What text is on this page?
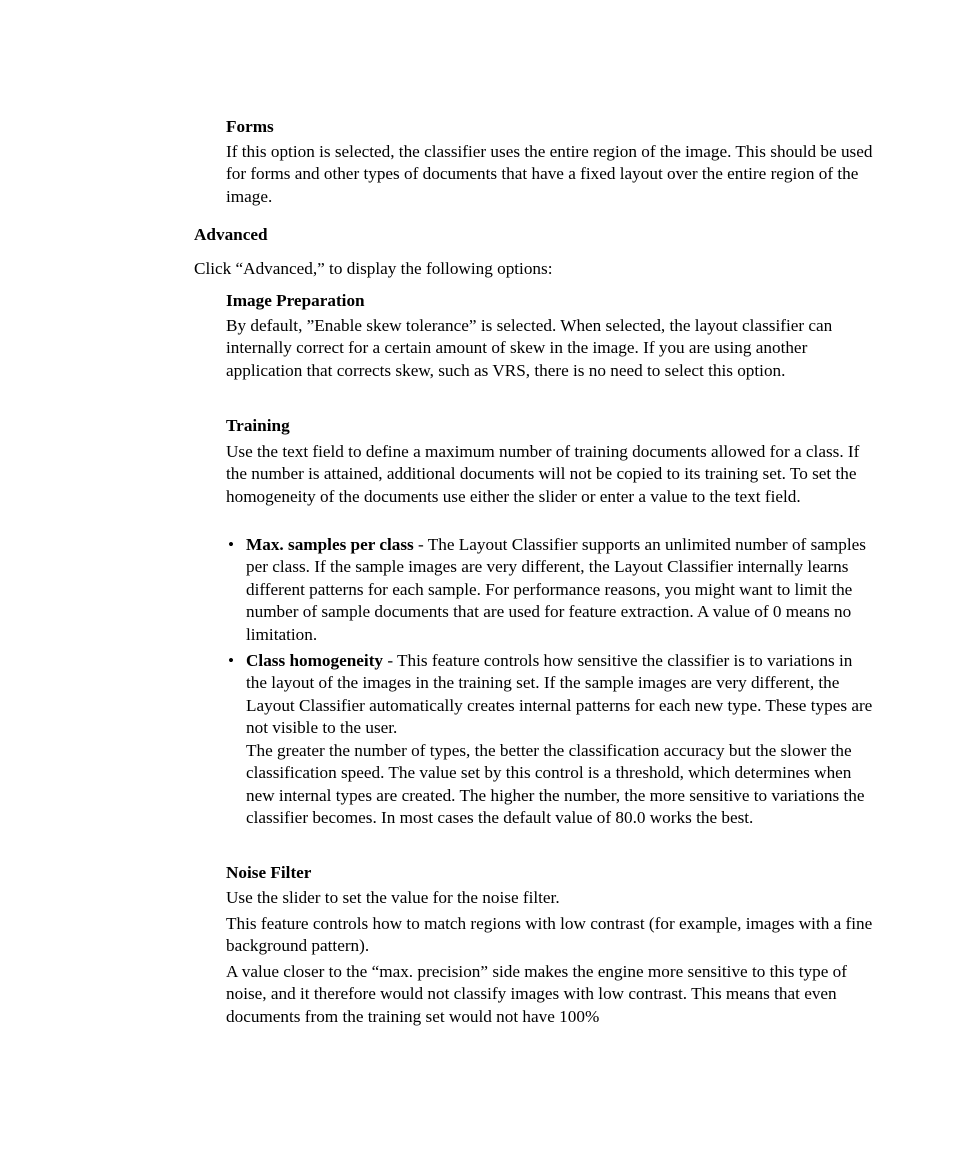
Forms

If this option is selected, the classifier uses the entire region of the image. This should be used for forms and other types of documents that have a fixed layout over the entire region of the image.

Advanced

Click “Advanced,” to display the following options:

Image Preparation

By default, ”Enable skew tolerance” is selected. When selected, the layout classifier can internally correct for a certain amount of skew in the image. If you are using another application that corrects skew, such as VRS, there is no need to select this option.

Training

Use the text field to define a maximum number of training documents allowed for a class. If the number is attained, additional documents will not be copied to its training set. To set the homogeneity of the documents use either the slider or enter a value to the text field.

• Max. samples per class - The Layout Classifier supports an unlimited number of samples per class. If the sample images are very different, the Layout Classifier internally learns different patterns for each sample. For performance reasons, you might want to limit the number of sample documents that are used for feature extraction. A value of 0 means no limitation.

• Class homogeneity - This feature controls how sensitive the classifier is to variations in the layout of the images in the training set. If the sample images are very different, the Layout Classifier automatically creates internal patterns for each new type. These types are not visible to the user.

The greater the number of types, the better the classification accuracy but the slower the classification speed. The value set by this control is a threshold, which determines when new internal types are created. The higher the number, the more sensitive to variations the classifier becomes. In most cases the default value of 80.0 works the best.

Noise Filter

Use the slider to set the value for the noise filter.

This feature controls how to match regions with low contrast (for example, images with a fine background pattern).

A value closer to the “max. precision” side makes the engine more sensitive to this type of noise, and it therefore would not classify images with low contrast. This means that even documents from the training set would not have 100%
